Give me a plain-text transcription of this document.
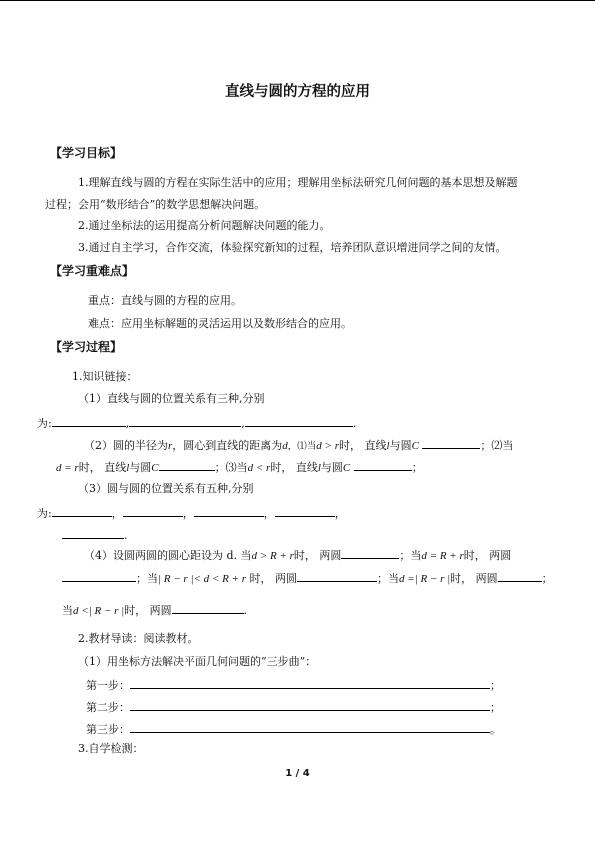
直线与圆的方程的应用
【学习目标】
1.理解直线与圆的方程在实际生活中的应用；理解用坐标法研究几何问题的基本思想及解题
过程；会用“数形结合”的数学思想解决问题。
2.通过坐标法的运用提高分析问题解决问题的能力。
3.通过自主学习，合作交流，体验探究新知的过程，培养团队意识增进同学之间的友情。
【学习重难点】
重点：直线与圆的方程的应用。
难点：应用坐标解题的灵活运用以及数形结合的应用。
【学习过程】
1.知识链接：
（1）直线与圆的位置关系有三种,分别
为:	,	,	.
（2）圆的半径为r，圆心到直线的距离为d，⑴当d > r时， 直线l与圆C	；⑵当
d = r时， 直线l与圆C	；⑶当d < r时， 直线l与圆C	；
（3）圆与圆的位置关系有五种,分别
为:	，	，	，	，
.
（4）设圆两圆的圆心距设为 d. 当d > R + r时， 两圆	；当d = R + r时， 两圆
；当| R − r |< d < R + r 时， 两圆	；当d =| R − r |时， 两圆	；
当d <| R − r |时， 两圆	.
2.教材导读：阅读教材。
（1）用坐标方法解决平面几何问题的“三步曲”：
第一步：	；
第二步：	；
第三步：	。
3.自学检测：
1 / 4
